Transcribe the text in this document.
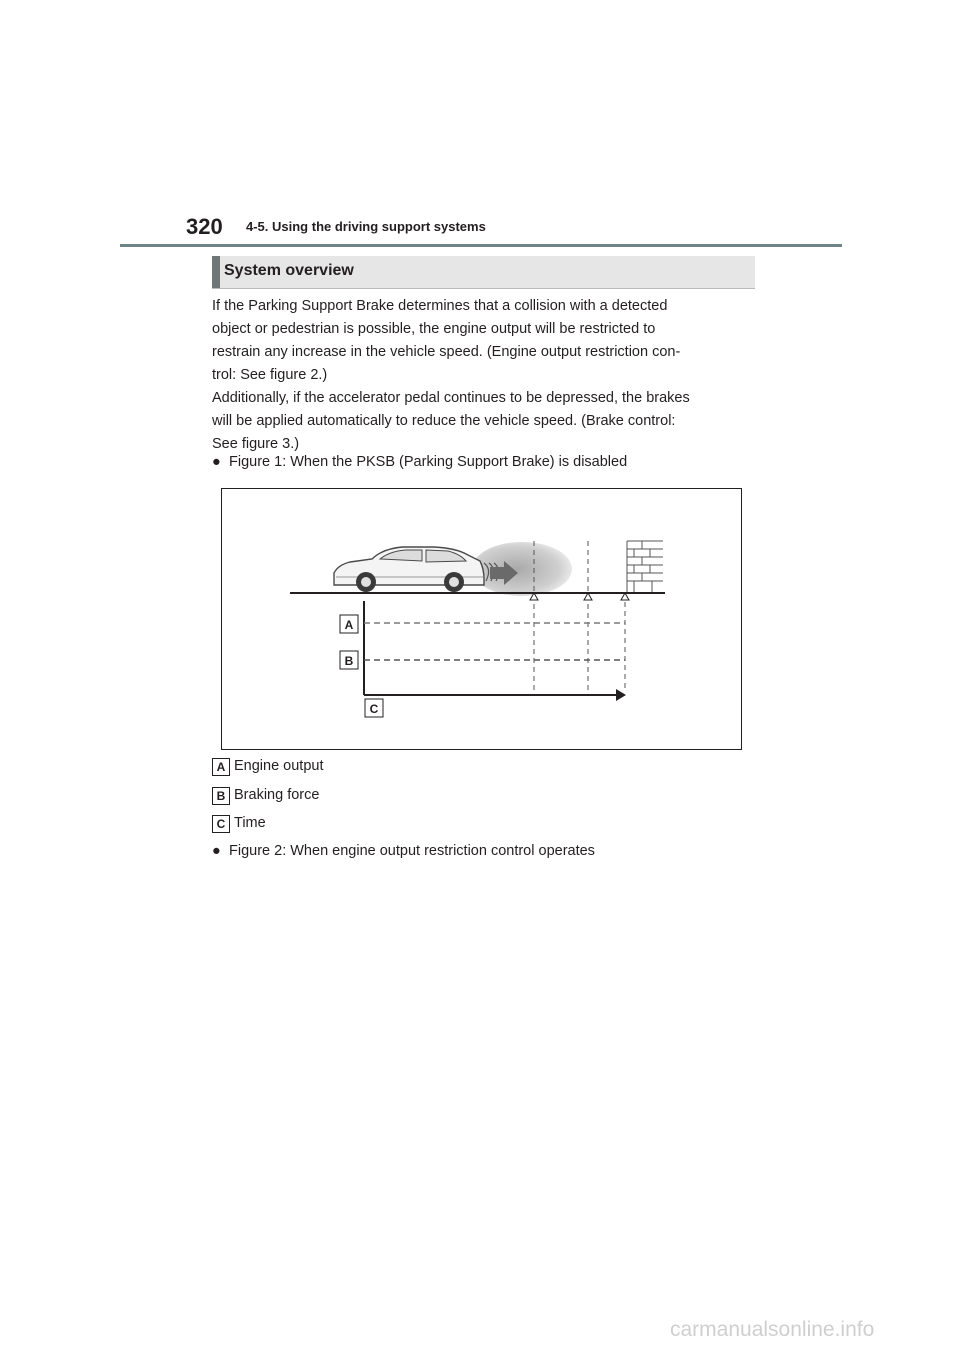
320 4-5. Using the driving support systems
System overview

If the Parking Support Brake determines that a collision with a detected

object or pedestrian is possible, the engine output will be restricted to

restrain any increase in the vehicle speed. (Engine output restriction con-

trol: See figure 2.)

Additionally, if the accelerator pedal continues to be depressed, the brakes

will be applied automatically to reduce the vehicle speed. (Brake control:

See figure 3.)

● Figure 1: When the PKSB (Parking Support Brake) is disabled
A
B
C
A Engine output
B Braking force
C Time
● Figure 2: When engine output restriction control operates
carmanualsonline.info
